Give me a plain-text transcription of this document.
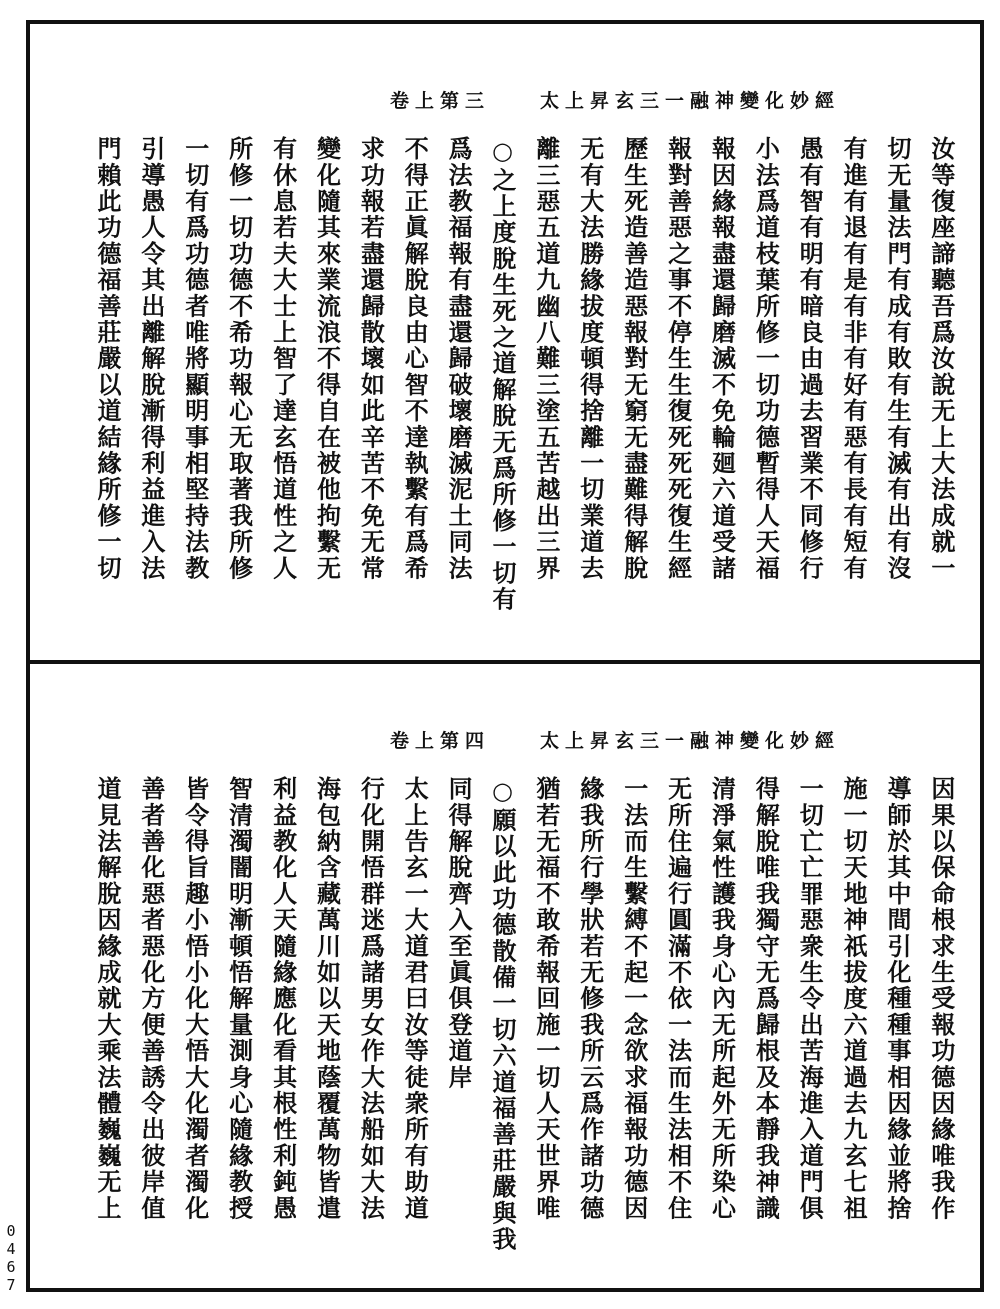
太上昇玄三一融神變化妙經
卷上第三
汝等復座諦聽吾爲汝說无上大法成就一
切无量法門有成有敗有生有滅有出有沒
有進有退有是有非有好有惡有長有短有
愚有智有明有暗良由過去習業不同修行
小法爲道枝葉所修一切功德暫得人天福
報因緣報盡還歸磨滅不免輪廻六道受諸
報對善惡之事不停生生復死死死復生經
歷生死造善造惡報對无窮无盡難得解脫
无有大法勝緣拔度頓得捨離一切業道去
離三惡五道九幽八難三塗五苦越出三界
○之上度脫生死之道解脫无爲所修一切有
爲法教福報有盡還歸破壞磨滅泥土同法
不得正眞解脫良由心智不達執繫有爲希
求功報若盡還歸散壞如此辛苦不免无常
變化隨其來業流浪不得自在被他拘繫无
有休息若夫大士上智了達玄悟道性之人
所修一切功德不希功報心无取著我所修
一切有爲功德者唯將顯明事相堅持法教
引導愚人令其出離解脫漸得利益進入法
門賴此功德福善莊嚴以道結緣所修一切
太上昇玄三一融神變化妙經
卷上第四
因果以保命根求生受報功德因緣唯我作
導師於其中間引化種種事相因緣並將捨
施一切天地神祇拔度六道過去九玄七祖
一切亡亡罪惡衆生令出苦海進入道門俱
得解脫唯我獨守无爲歸根及本靜我神識
清淨氣性護我身心內无所起外无所染心
无所住遍行圓滿不依一法而生法相不住
一法而生繫縛不起一念欲求福報功德因
緣我所行學狀若无修我所云爲作諸功德
猶若无福不敢希報回施一切人天世界唯
○願以此功德散備一切六道福善莊嚴與我
同得解脫齊入至眞俱登道岸
太上告玄一大道君曰汝等徒衆所有助道
行化開悟群迷爲諸男女作大法船如大法
海包納含藏萬川如以天地蔭覆萬物皆遣
利益教化人天隨緣應化看其根性利鈍愚
智清濁闇明漸頓悟解量測身心隨緣教授
皆令得旨趣小悟小化大悟大化濁者濁化
善者善化惡者惡化方便善誘令出彼岸值
道見法解脫因緣成就大乘法體巍巍无上
0467
